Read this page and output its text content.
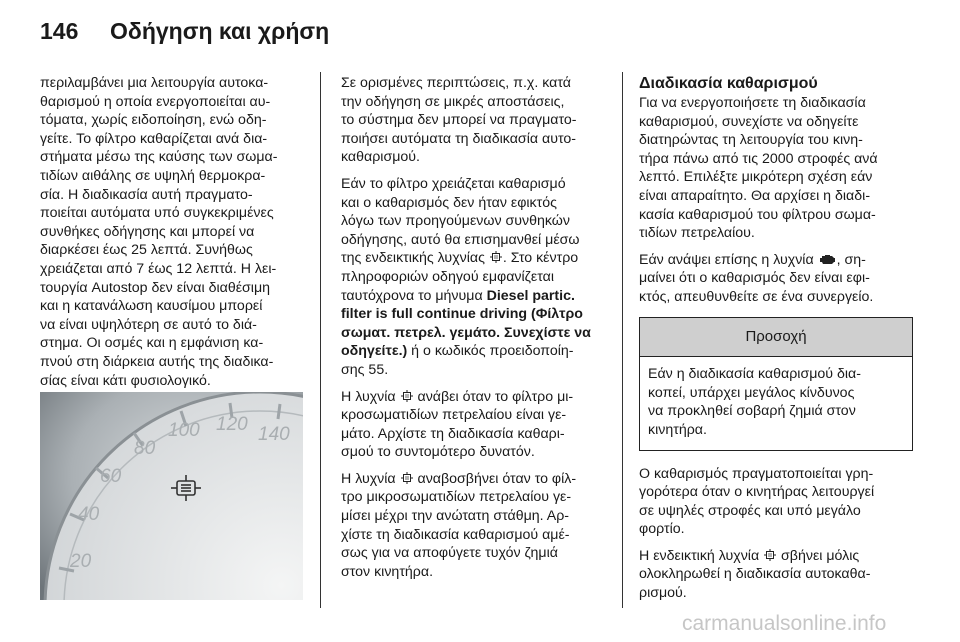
146 Οδήγηση και χρήση

περιλαμβάνει μια λειτουργία αυτοκα-
θαρισμού η οποία ενεργοποιείται αυ-
τόματα, χωρίς ειδοποίηση, ενώ οδη-
γείτε. Το φίλτρο καθαρίζεται ανά δια-
στήματα μέσω της καύσης των σωμα-
τιδίων αιθάλης σε υψηλή θερμοκρα-
σία. Η διαδικασία αυτή πραγματο-
ποιείται αυτόματα υπό συγκεκριμένες
συνθήκες οδήγησης και μπορεί να
διαρκέσει έως 25 λεπτά. Συνήθως
χρειάζεται από 7 έως 12 λεπτά. Η λει-
τουργία Autostop δεν είναι διαθέσιμη
και η κατανάλωση καυσίμου μπορεί
να είναι υψηλότερη σε αυτό το διά-
στημα. Οι οσμές και η εμφάνιση κα-
πνού στη διάρκεια αυτής της διαδικα-
σίας είναι κάτι φυσιολογικό.

20
40
60
80
100 120 140

Σε ορισμένες περιπτώσεις, π.χ. κατά
την οδήγηση σε μικρές αποστάσεις,
το σύστημα δεν μπορεί να πραγματο-
ποιήσει αυτόματα τη διαδικασία αυτο-
καθαρισμού.

Εάν το φίλτρο χρειάζεται καθαρισμό
και ο καθαρισμός δεν ήταν εφικτός
λόγω των προηγούμενων συνθηκών
οδήγησης, αυτό θα επισημανθεί μέσω
της ενδεικτικής λυχνίας . Στο κέντρο
πληροφοριών οδηγού εμφανίζεται
ταυτόχρονα το μήνυμα Diesel partic.
filter is full continue driving (Φίλτρο
σωματ. πετρελ. γεμάτο. Συνεχίστε να
οδηγείτε.) ή ο κωδικός προειδοποίη-
σης 55.

Η λυχνία  ανάβει όταν το φίλτρο μι-
κροσωματιδίων πετρελαίου είναι γε-
μάτο. Αρχίστε τη διαδικασία καθαρι-
σμού το συντομότερο δυνατόν.

Η λυχνία  αναβοσβήνει όταν το φίλ-
τρο μικροσωματιδίων πετρελαίου γε-
μίσει μέχρι την ανώτατη στάθμη. Αρ-
χίστε τη διαδικασία καθαρισμού αμέ-
σως για να αποφύγετε τυχόν ζημιά
στον κινητήρα.

Διαδικασία καθαρισμού
Για να ενεργοποιήσετε τη διαδικασία
καθαρισμού, συνεχίστε να οδηγείτε
διατηρώντας τη λειτουργία του κινη-
τήρα πάνω από τις 2000 στροφές ανά
λεπτό. Επιλέξτε μικρότερη σχέση εάν
είναι απαραίτητο. Θα αρχίσει η διαδι-
κασία καθαρισμού του φίλτρου σωμα-
τιδίων πετρελαίου.

Εάν ανάψει επίσης η λυχνία , ση-
μαίνει ότι ο καθαρισμός δεν είναι εφι-
κτός, απευθυνθείτε σε ένα συνεργείο.

Προσοχή
Εάν η διαδικασία καθαρισμού δια-
κοπεί, υπάρχει μεγάλος κίνδυνος
να προκληθεί σοβαρή ζημιά στον
κινητήρα.

Ο καθαρισμός πραγματοποιείται γρη-
γορότερα όταν ο κινητήρας λειτουργεί
σε υψηλές στροφές και υπό μεγάλο
φορτίο.

Η ενδεικτική λυχνία  σβήνει μόλις
ολοκληρωθεί η διαδικασία αυτοκαθα-
ρισμού.

carmanualsonline.info
